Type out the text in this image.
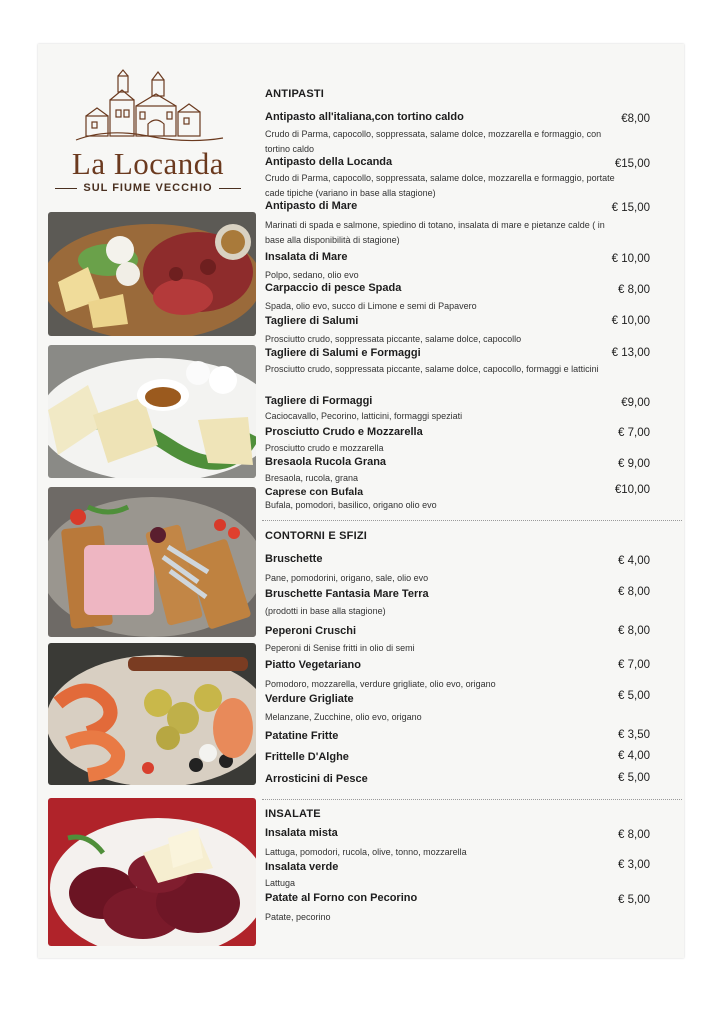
La Locanda
SUL FIUME VECCHIO
ANTIPASTI
Antipasto all'italiana,con tortino caldo	€8,00
Crudo di Parma, capocollo, soppressata, salame dolce, mozzarella e formaggio, con tortino caldo
Antipasto della Locanda	€15,00
Crudo di Parma, capocollo, soppressata, salame dolce, mozzarella e formaggio, portate cade tipiche (variano in base alla stagione)
Antipasto di Mare	€ 15,00
Marinati di spada e salmone, spiedino di totano, insalata di mare e pietanze calde ( in base alla disponibilità di stagione)
Insalata di Mare	€ 10,00
Polpo, sedano, olio evo
Carpaccio di pesce Spada	€ 8,00
Spada, olio evo, succo di Limone e semi di Papavero
Tagliere di Salumi	€ 10,00
Prosciutto crudo, soppressata piccante, salame dolce, capocollo
Tagliere di Salumi e Formaggi	€ 13,00
Prosciutto crudo, soppressata piccante, salame dolce, capocollo, formaggi e latticini
Tagliere di Formaggi	€9,00
Caciocavallo, Pecorino, latticini, formaggi speziati
Prosciutto Crudo e Mozzarella	€ 7,00
Prosciutto crudo e mozzarella
Bresaola Rucola Grana	€ 9,00
Bresaola, rucola, grana
Caprese con Bufala	€10,00
Bufala, pomodori, basilico, origano olio evo
CONTORNI E SFIZI
Bruschette	€ 4,00
Pane, pomodorini, origano, sale, olio evo
Bruschette Fantasia Mare Terra	€ 8,00
(prodotti in base alla stagione)
Peperoni Cruschi	€ 8,00
Peperoni di Senise fritti in olio di semi
Piatto Vegetariano	€ 7,00
Pomodoro, mozzarella, verdure grigliate, olio evo, origano
Verdure Grigliate	€ 5,00
Melanzane, Zucchine, olio evo, origano
Patatine Fritte	€ 3,50
Frittelle D'Alghe	€ 4,00
Arrosticini di Pesce	€ 5,00
INSALATE
Insalata mista	€ 8,00
Lattuga, pomodori, rucola, olive, tonno, mozzarella
Insalata verde	€ 3,00
Lattuga
Patate al Forno con Pecorino	€ 5,00
Patate, pecorino
